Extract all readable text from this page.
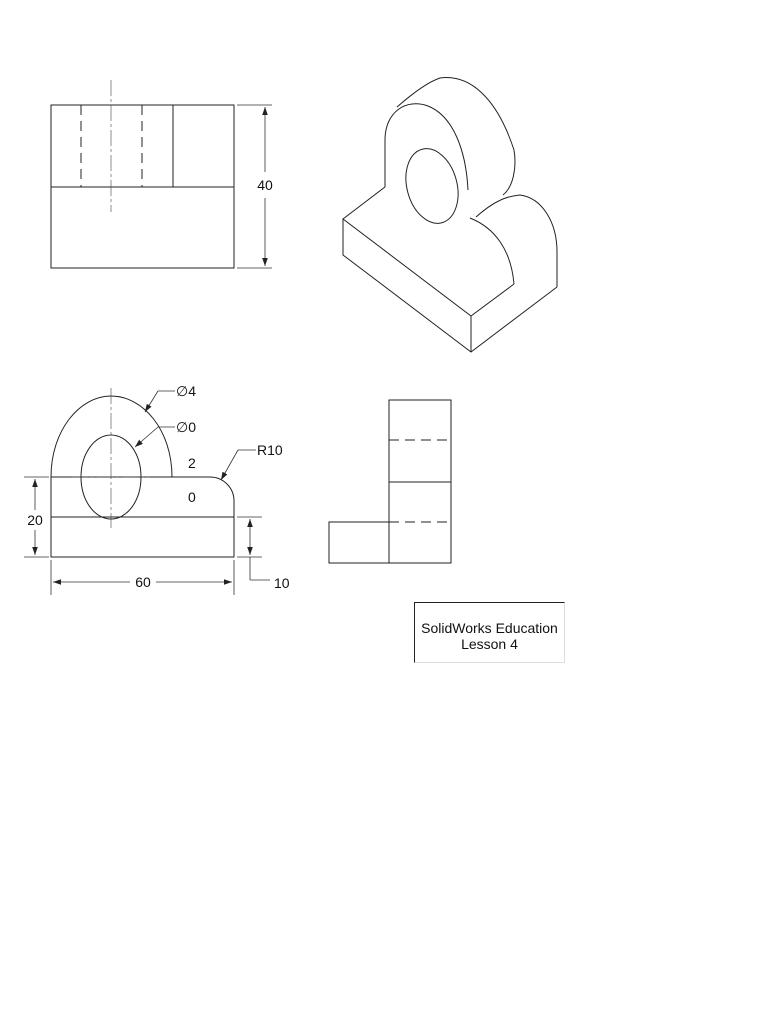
40
∅4
∅0
2
0
R10
20
60	10
SolidWorks Education
Lesson 4
